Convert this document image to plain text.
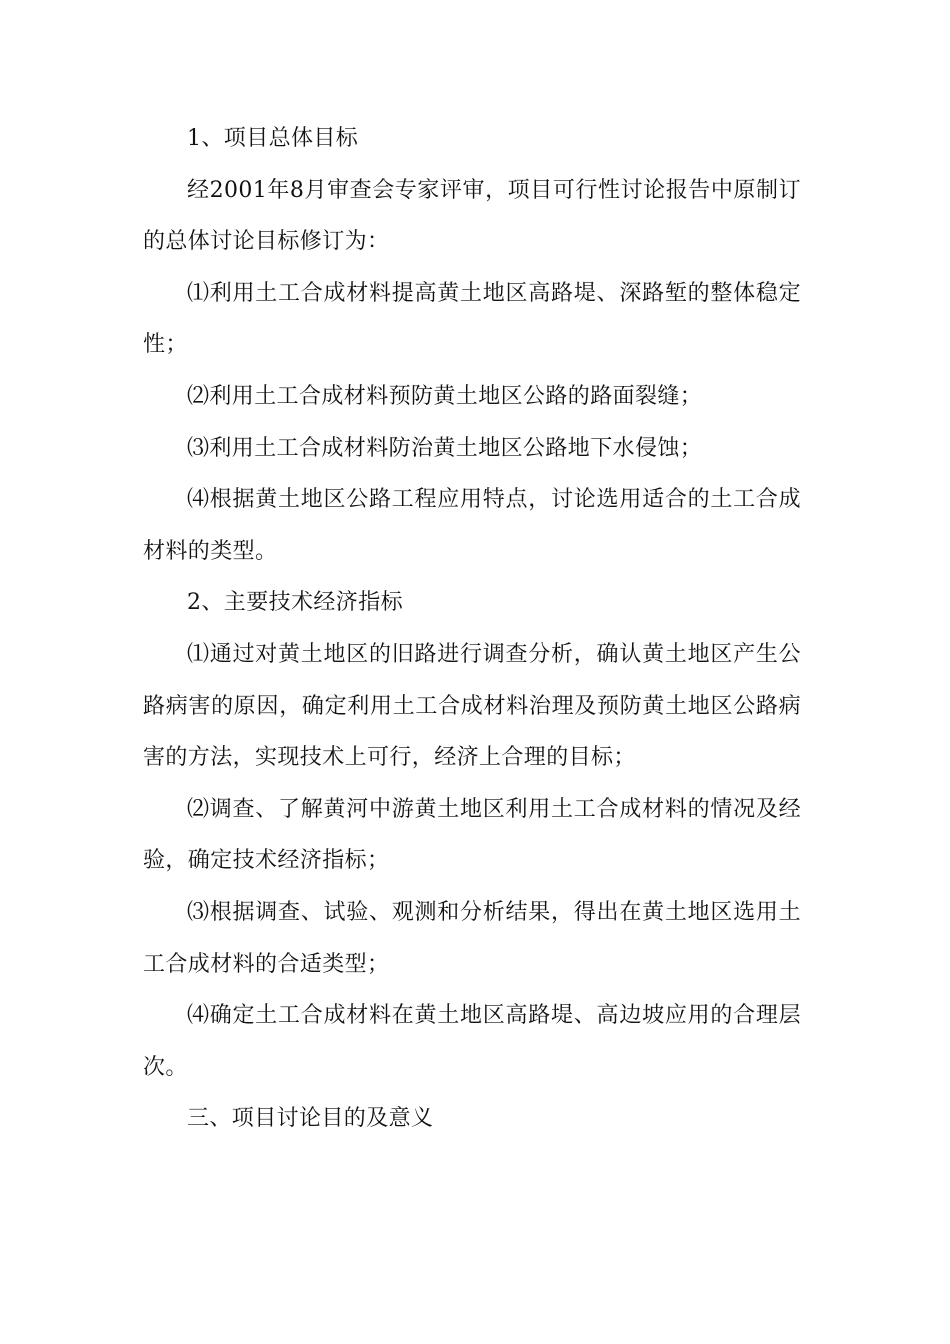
1、项目总体目标

经2001年8月审查会专家评审，项目可行性讨论报告中原制订的总体讨论目标修订为：

⑴利用土工合成材料提高黄土地区高路堤、深路堑的整体稳定性；

⑵利用土工合成材料预防黄土地区公路的路面裂缝；

⑶利用土工合成材料防治黄土地区公路地下水侵蚀；

⑷根据黄土地区公路工程应用特点，讨论选用适合的土工合成材料的类型。

2、主要技术经济指标

⑴通过对黄土地区的旧路进行调查分析，确认黄土地区产生公路病害的原因，确定利用土工合成材料治理及预防黄土地区公路病害的方法，实现技术上可行，经济上合理的目标；

⑵调查、了解黄河中游黄土地区利用土工合成材料的情况及经验，确定技术经济指标；

⑶根据调查、试验、观测和分析结果，得出在黄土地区选用土工合成材料的合适类型；

⑷确定土工合成材料在黄土地区高路堤、高边坡应用的合理层次。

三、项目讨论目的及意义
